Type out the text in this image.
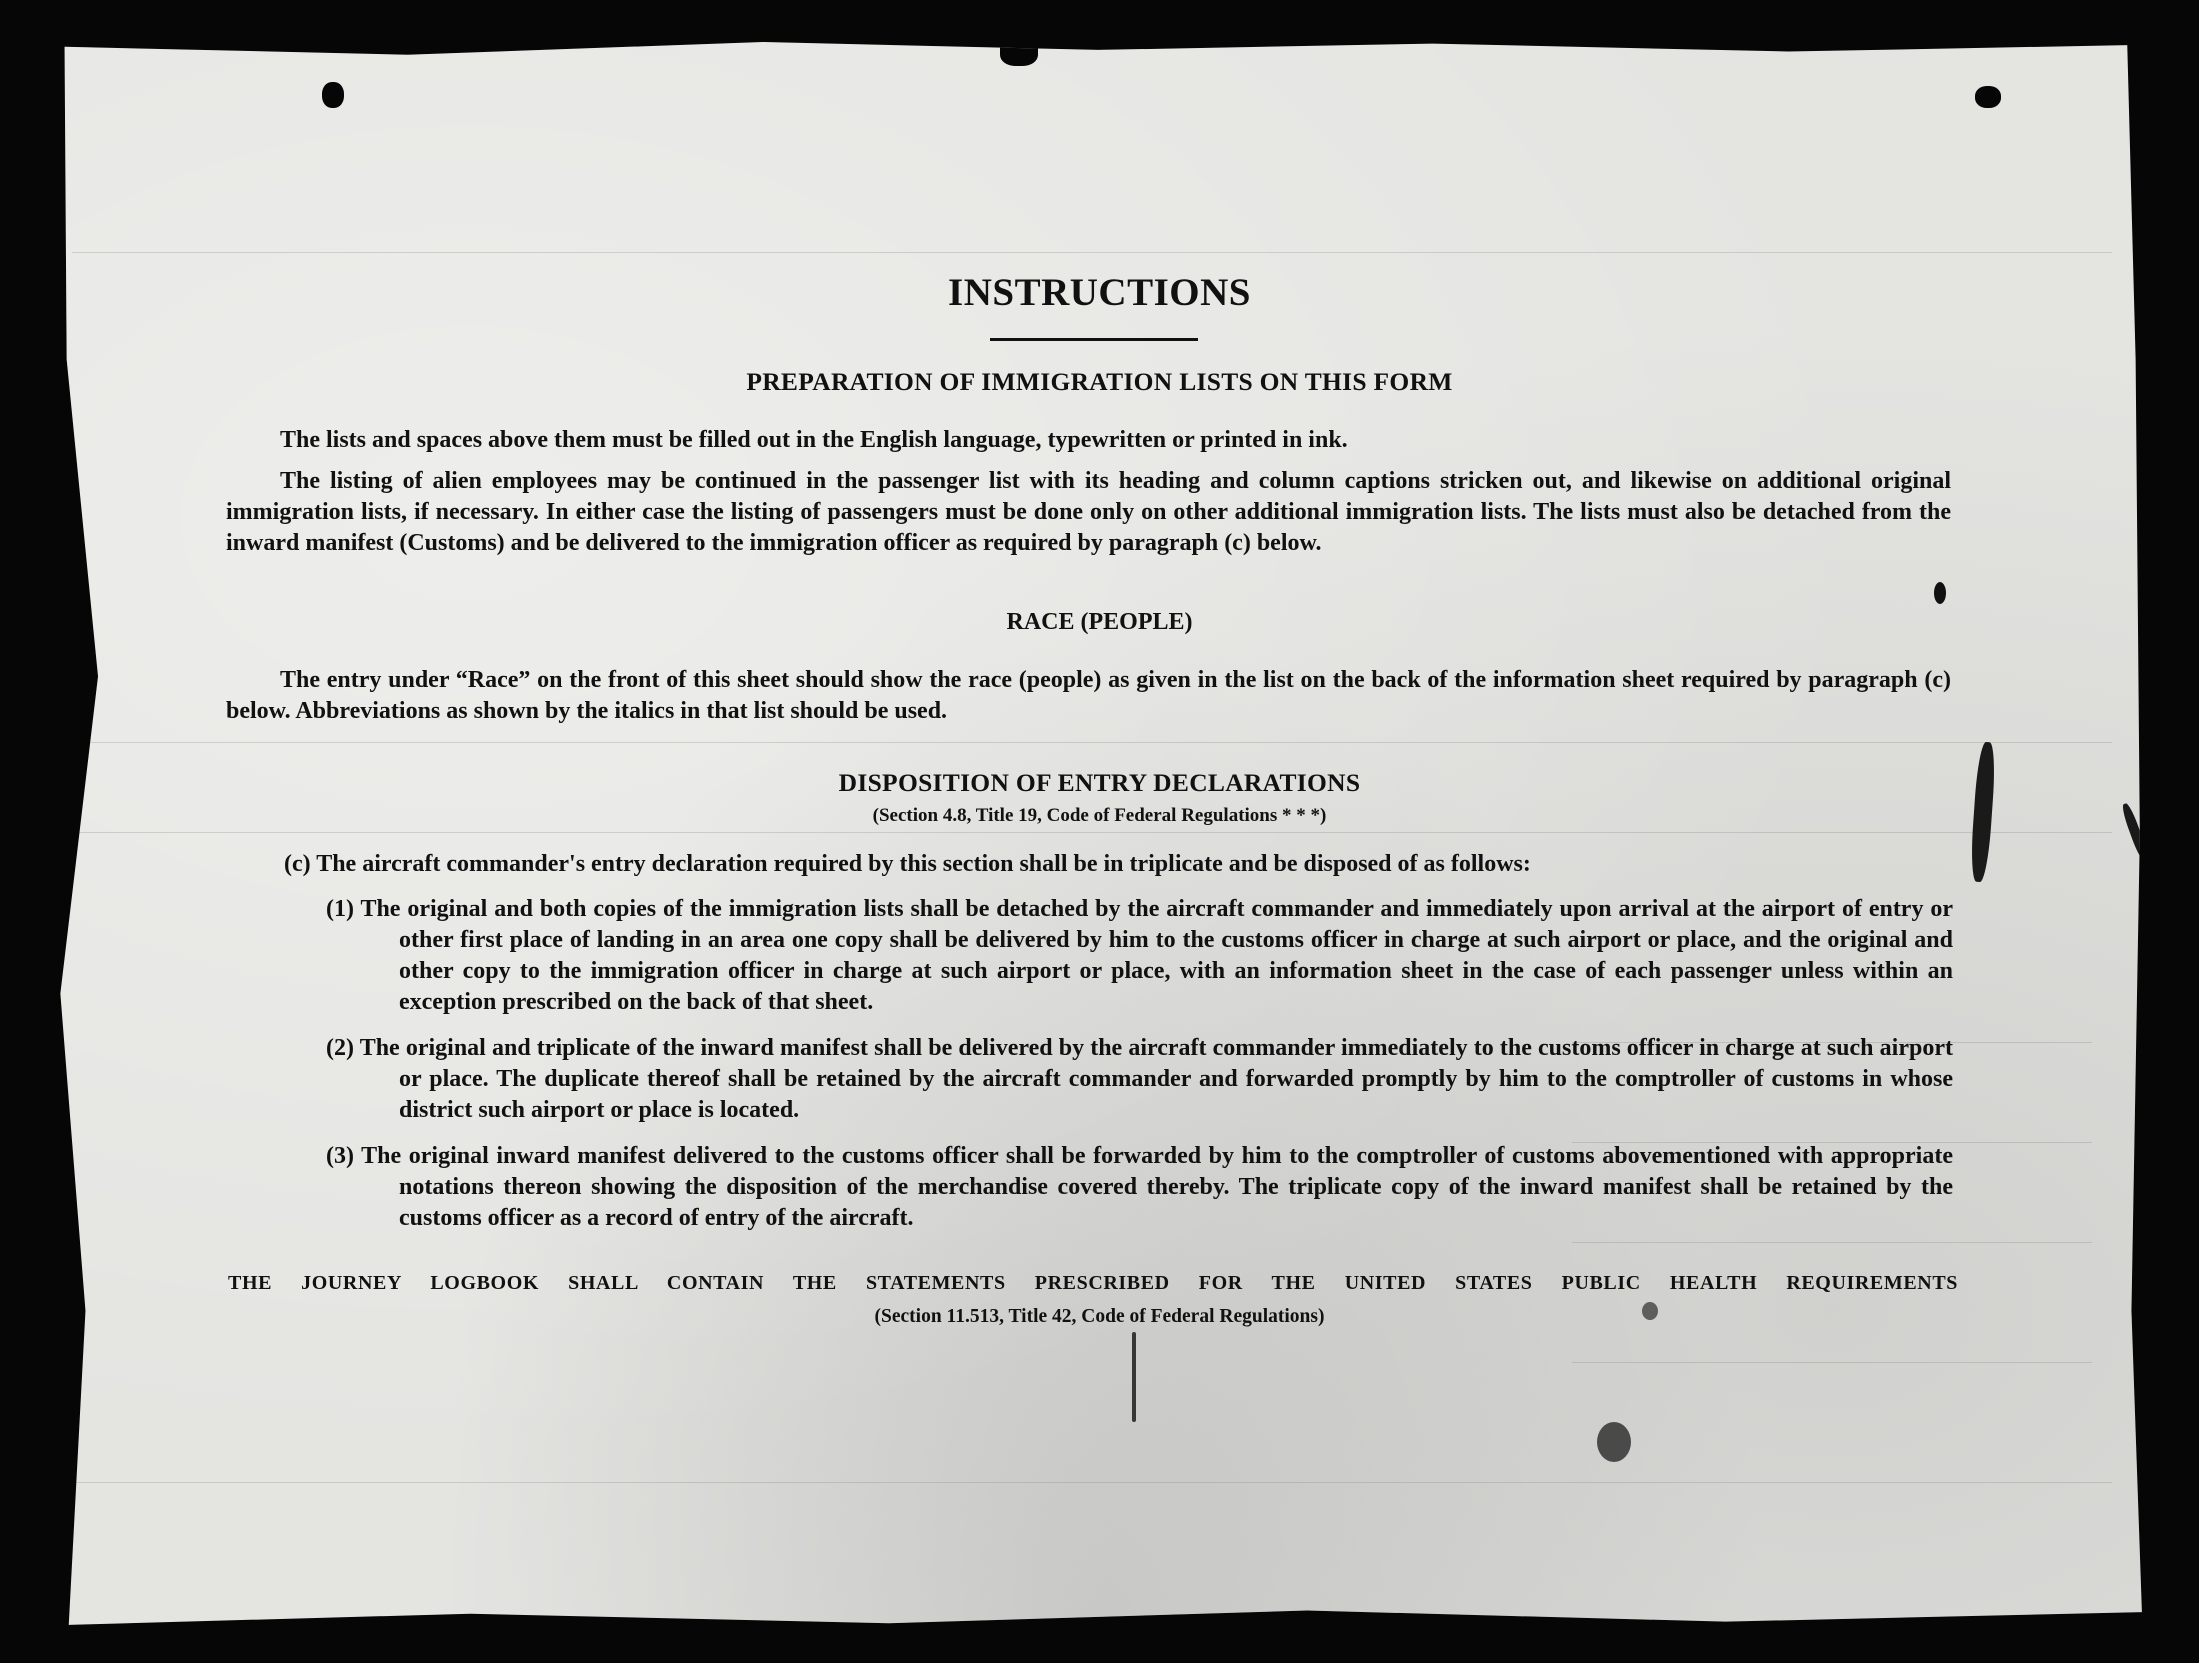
INSTRUCTIONS
PREPARATION OF IMMIGRATION LISTS ON THIS FORM

The lists and spaces above them must be filled out in the English language, typewritten or printed in ink.

The listing of alien employees may be continued in the passenger list with its heading and column captions stricken out, and likewise on additional original immigration lists, if necessary. In either case the listing of passengers must be done only on other additional immigration lists. The lists must also be detached from the inward manifest (Customs) and be delivered to the immigration officer as required by paragraph (c) below.

RACE (PEOPLE)

The entry under “Race” on the front of this sheet should show the race (people) as given in the list on the back of the information sheet required by paragraph (c) below. Abbreviations as shown by the italics in that list should be used.

DISPOSITION OF ENTRY DECLARATIONS
(Section 4.8, Title 19, Code of Federal Regulations * * *)

(c) The aircraft commander's entry declaration required by this section shall be in triplicate and be disposed of as follows:

(1) The original and both copies of the immigration lists shall be detached by the aircraft commander and immediately upon arrival at the airport of entry or other first place of landing in an area one copy shall be delivered by him to the customs officer in charge at such airport or place, and the original and other copy to the immigration officer in charge at such airport or place, with an information sheet in the case of each passenger unless within an exception prescribed on the back of that sheet.
(2) The original and triplicate of the inward manifest shall be delivered by the aircraft commander immediately to the customs officer in charge at such airport or place. The duplicate thereof shall be retained by the aircraft commander and forwarded promptly by him to the comptroller of customs in whose district such airport or place is located.
(3) The original inward manifest delivered to the customs officer shall be forwarded by him to the comptroller of customs abovementioned with appropriate notations thereon showing the disposition of the merchandise covered thereby. The triplicate copy of the inward manifest shall be retained by the customs officer as a record of entry of the aircraft.
THE JOURNEY LOGBOOK SHALL CONTAIN THE STATEMENTS PRESCRIBED FOR THE UNITED STATES PUBLIC HEALTH REQUIREMENTS
(Section 11.513, Title 42, Code of Federal Regulations)
